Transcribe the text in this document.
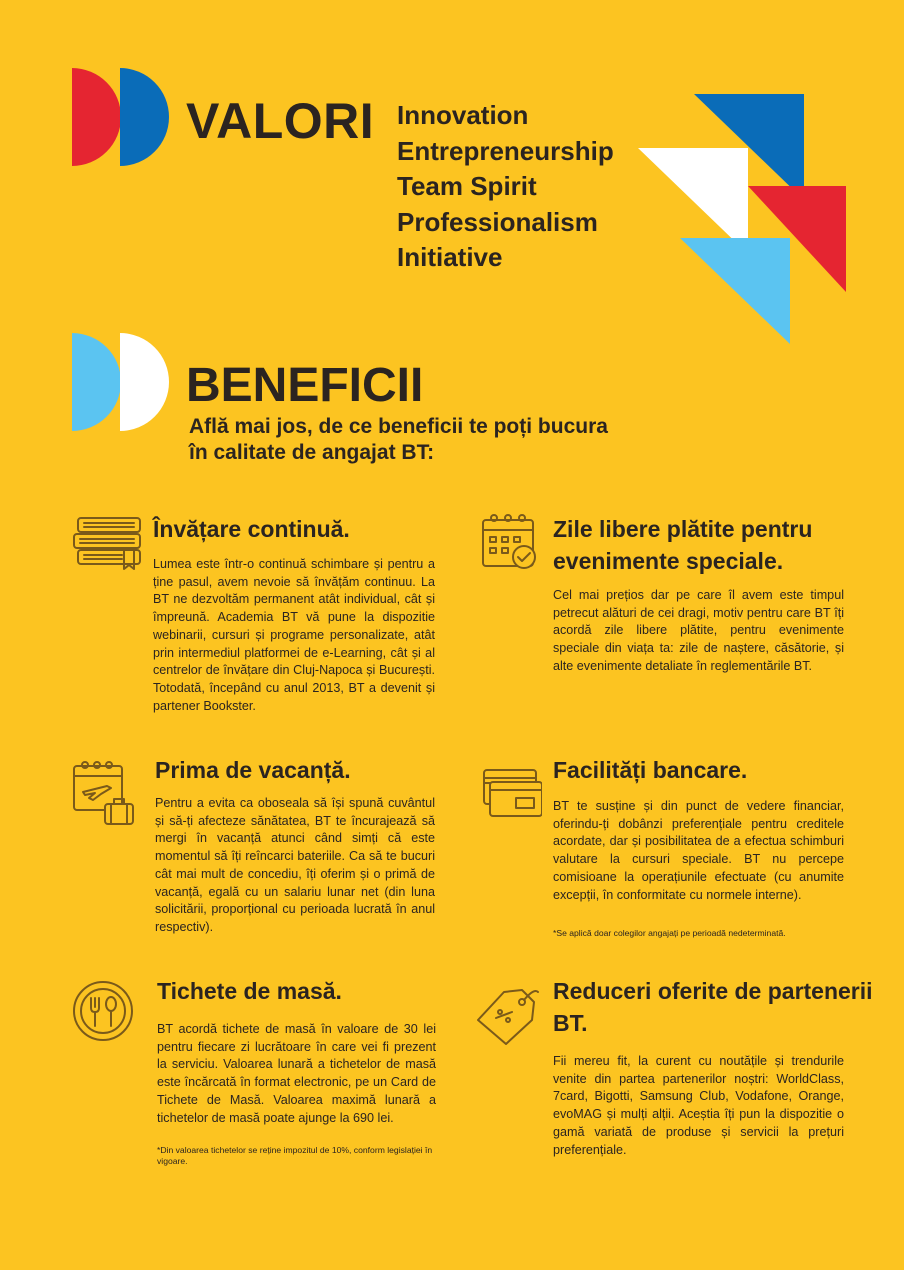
VALORI Innovation
Entrepreneurship
Team Spirit
Professionalism
Initiative
BENEFICII
Află mai jos, de ce beneficii te poți bucura
în calitate de angajat BT:
Învățare continuă.
Lumea este într-o continuă schimbare și pentru a ține pasul, avem nevoie să învățăm continuu. La BT ne dezvoltăm permanent atât individual, cât și împreună. Academia BT vă pune la dispozitie webinarii, cursuri și programe personalizate, atât prin intermediul platformei de e-Learning, cât și al centrelor de învățare din Cluj-Napoca și București. Totodată, începând cu anul 2013, BT a devenit și partener Bookster.
Zile libere plătite pentru evenimente speciale.
Cel mai prețios dar pe care îl avem este timpul petrecut alături de cei dragi, motiv pentru care BT îți acordă zile libere plătite, pentru evenimente speciale din viața ta: zile de naștere, căsătorie, și alte evenimente detaliate în reglementările BT.
Prima de vacanță.
Pentru a evita ca oboseala să își spună cuvântul și să-ți afecteze sănătatea, BT te încurajează să mergi în vacanță atunci când simți că este momentul să îți reîncarci bateriile. Ca să te bucuri cât mai mult de concediu, îți oferim și o primă de vacanță, egală cu un salariu lunar net (din luna solicitării, proporțional cu perioada lucrată în anul respectiv).
Facilități bancare.
BT te susține și din punct de vedere financiar, oferindu-ți dobânzi preferențiale pentru creditele acordate, dar și posibilitatea de a efectua schimburi valutare la cursuri speciale. BT nu percepe comisioane la operațiunile efectuate (cu anumite excepții, în conformitate cu normele interne).
*Se aplică doar colegilor angajați pe perioadă nedeterminată.
Tichete de masă.
BT acordă tichete de masă în valoare de 30 lei pentru fiecare zi lucrătoare în care vei fi prezent la serviciu. Valoarea lunară a tichetelor de masă este încărcată în format electronic, pe un Card de Tichete de Masă. Valoarea maximă lunară a tichetelor de masă poate ajunge la 690 lei.
*Din valoarea tichetelor se reține impozitul de 10%, conform legislației în vigoare.
Reduceri oferite de partenerii BT.
Fii mereu fit, la curent cu noutățile și trendurile venite din partea partenerilor noștri: WorldClass, 7card, Bigotti, Samsung Club, Vodafone, Orange, evoMAG și mulți alții. Aceștia îți pun la dispozitie o gamă variată de produse și servicii la prețuri preferențiale.
